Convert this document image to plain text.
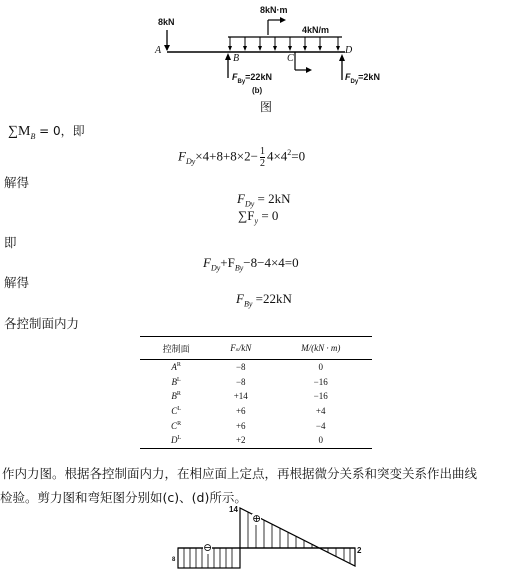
8kN
8kN·m
4kN/m
A
B	C
D
$F_{By}=22kN$	$F_{Dy}=2kN$
(b)
图
$\sum M_B = 0$，即
$F_{Dy}\times 4+8+8\times 2- \frac{1}{2} 4\times 4^2=0$
解得
$F_{Dy} = 2kN$
$\sum F_y = 0$
即
$F_{Dy}+F_{By}-8-4\times 4=0$
解得
$F_{By} =22kN$
各控制面内力
控制面	Fₛ/kN	M/(kN · m)
$A^R$	−8	0
$B^L$	−8	−16
$B^R$	+14	−16
$C^L$	+6	+4
$C^R$	+6	−4
$D^L$	+2	0
作内力图。根据各控制面内力，在相应面上定点，再根据微分关系和突变关系作出曲线
检验。剪力图和弯矩图分别如(c)、(d)所示。
14
8
2
⊖
⊕
